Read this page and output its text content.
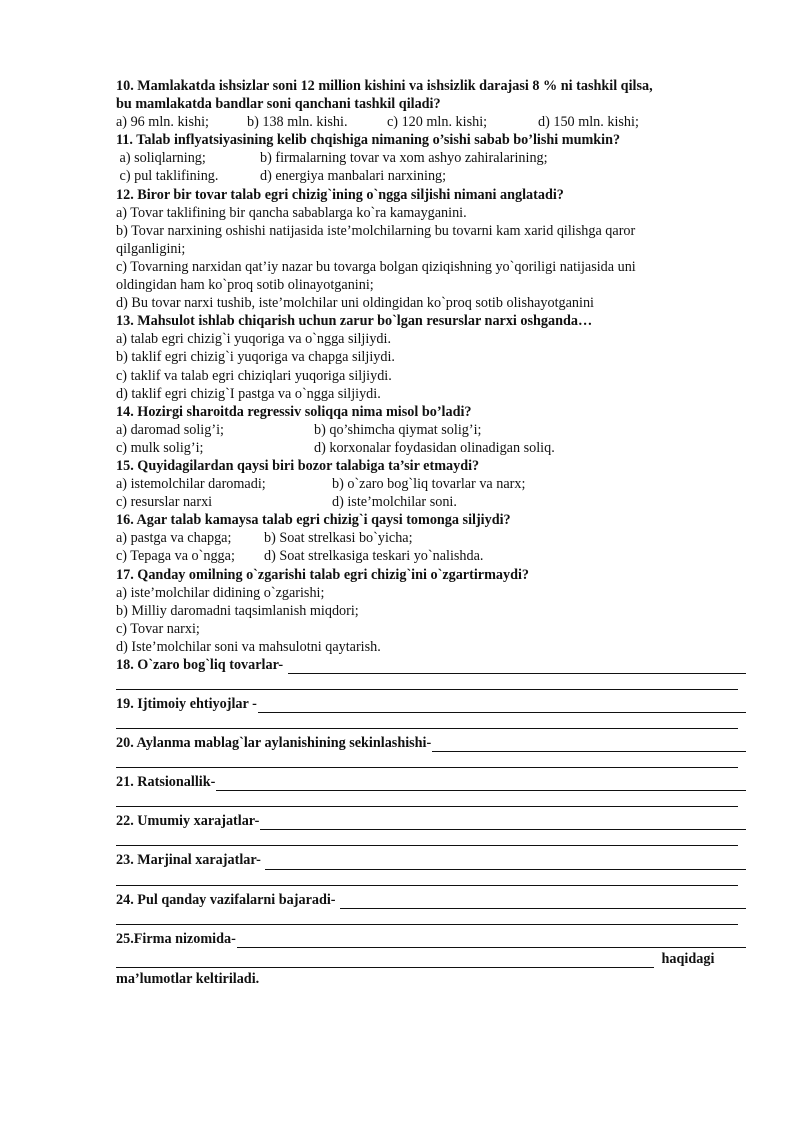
10. Mamlakatda ishsizlar soni 12 million kishini va ishsizlik darajasi 8 % ni tashkil qilsa,
bu mamlakatda bandlar soni qanchani tashkil qiladi?
a) 96 mln. kishi;	b) 138 mln. kishi.	c) 120 mln. kishi;	d) 150 mln. kishi;
11. Talab inflyatsiyasining kelib chqishiga nimaning o’sishi sabab bo’lishi mumkin?
a) soliqlarning;	b) firmalarning tovar va xom ashyo zahiralarining;
c) pul taklifining.	d) energiya manbalari narxining;
12. Biror bir tovar talab egri chizig`ining o`ngga siljishi nimani anglatadi?
a) Tovar taklifining bir qancha sabablarga ko`ra kamayganini.
b) Tovar narxining oshishi natijasida iste’molchilarning bu tovarni kam xarid qilishga qaror
qilganligini;
c) Tovarning narxidan qat’iy nazar bu tovarga bolgan qiziqishning yo`qoriligi natijasida uni
oldingidan ham ko`proq sotib olinayotganini;
d) Bu tovar narxi tushib, iste’molchilar uni oldingidan ko`proq sotib olishayotganini
13. Mahsulot ishlab chiqarish uchun zarur bo`lgan resurslar narxi oshganda…
a) talab egri chizig`i yuqoriga va o`ngga siljiydi.
b) taklif egri chizig`i yuqoriga va chapga siljiydi.
c) taklif va talab egri chiziqlari yuqoriga siljiydi.
d) taklif egri chizig`I pastga va o`ngga siljiydi.
14. Hozirgi sharoitda regressiv soliqqa nima misol bo’ladi?
a) daromad solig’i;	b) qo’shimcha qiymat solig’i;
c) mulk solig’i;	d) korxonalar foydasidan olinadigan soliq.
15. Quyidagilardan qaysi biri bozor talabiga ta’sir etmaydi?
a) istemolchilar daromadi;	b) o`zaro bog`liq tovarlar va narx;
c) resurslar narxi	d) iste’molchilar soni.
16. Agar talab kamaysa talab egri chizig`i qaysi tomonga siljiydi?
a) pastga va chapga; b) Soat strelkasi bo`yicha;
c) Tepaga va o`ngga; d) Soat strelkasiga teskari yo`nalishda.
17. Qanday omilning o`zgarishi talab egri chizig`ini o`zgartirmaydi?
a) iste’molchilar didining o`zgarishi;
b) Milliy daromadni taqsimlanish miqdori;
c) Tovar narxi;
d) Iste’molchilar soni va mahsulotni qaytarish.
18. O`zaro bog`liq tovarlar-
19. Ijtimoiy ehtiyojlar -
20. Aylanma mablag`lar aylanishining sekinlashishi-
21. Ratsionallik-
22. Umumiy xarajatlar-
23. Marjinal xarajatlar-
24. Pul qanday vazifalarni bajaradi-
25.Firma nizomida-
haqidagi
ma’lumotlar keltiriladi.
